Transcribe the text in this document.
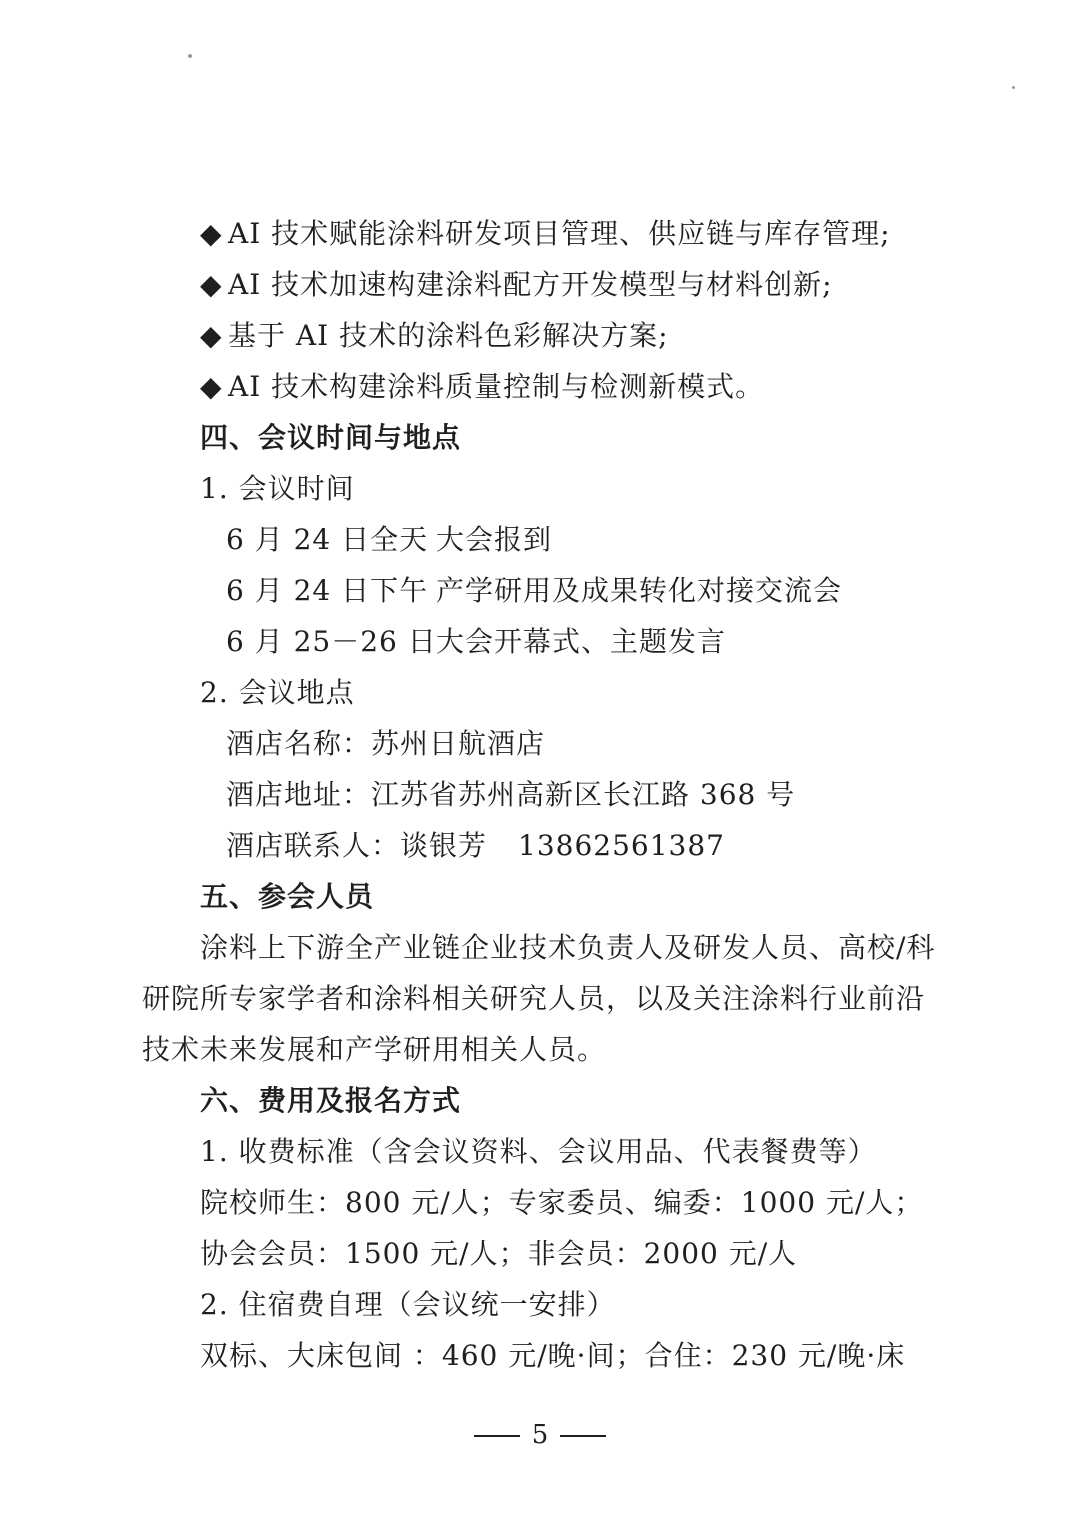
◆ AI 技术赋能涂料研发项目管理、供应链与库存管理;
◆ AI 技术加速构建涂料配方开发模型与材料创新;
◆ 基于 AI 技术的涂料色彩解决方案;
◆ AI 技术构建涂料质量控制与检测新模式。
四、会议时间与地点
1. 会议时间
6 月 24 日全天 大会报到
6 月 24 日下午 产学研用及成果转化对接交流会
6 月 25－26 日大会开幕式、主题发言
2. 会议地点
酒店名称：苏州日航酒店
酒店地址：江苏省苏州高新区长江路 368 号
酒店联系人：谈银芳 13862561387
五、参会人员
涂料上下游全产业链企业技术负责人及研发人员、高校/科
研院所专家学者和涂料相关研究人员，以及关注涂料行业前沿
技术未来发展和产学研用相关人员。
六、费用及报名方式
1. 收费标准（含会议资料、会议用品、代表餐费等）
院校师生：800 元/人；专家委员、编委：1000 元/人；
协会会员：1500 元/人；非会员：2000 元/人
2. 住宿费自理（会议统一安排）
双标、大床包间 ：460 元/晚·间；合住：230 元/晚·床
5
